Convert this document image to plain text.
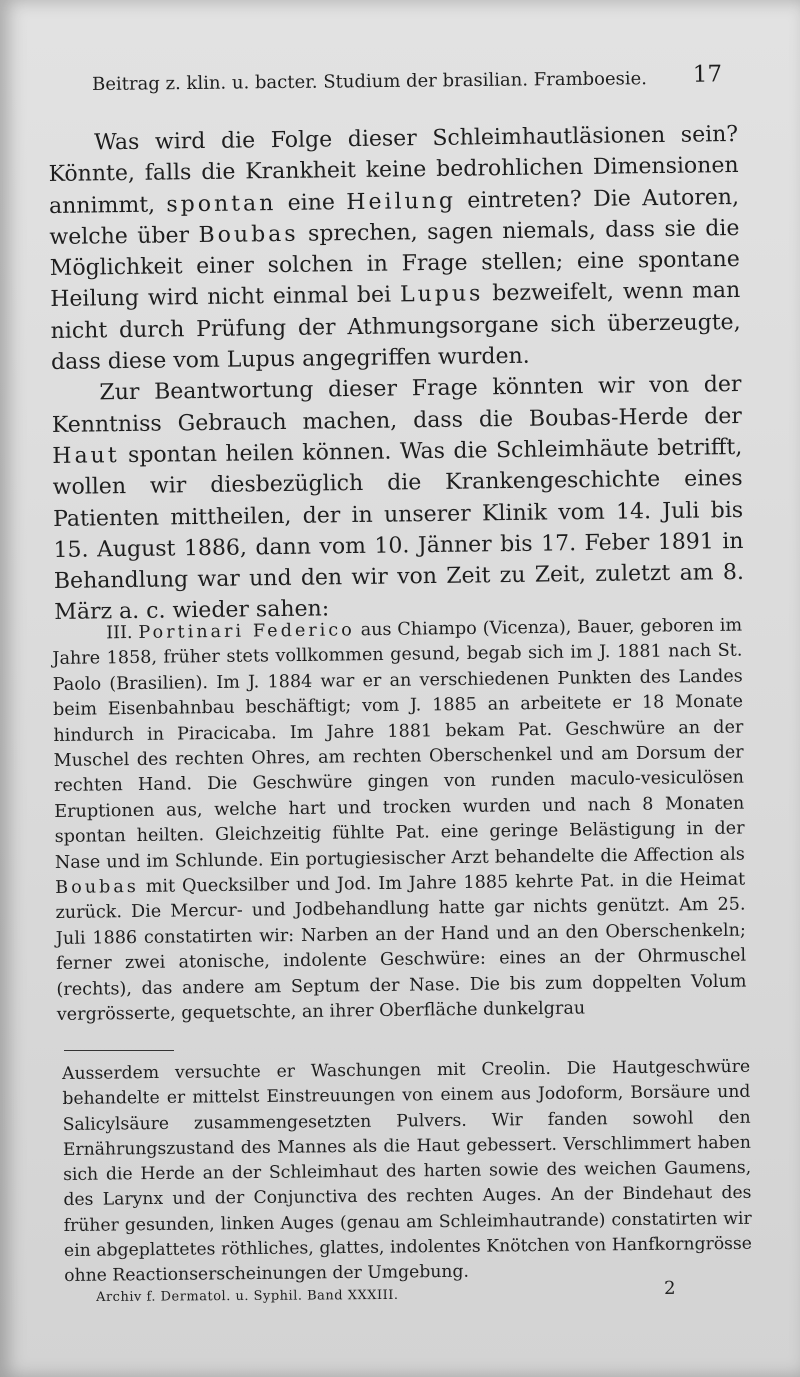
Beitrag z. klin. u. bacter. Studium der brasilian. Framboesie. 17

Was wird die Folge dieser Schleimhautläsionen sein? Könnte, falls die Krankheit keine bedrohlichen Dimensionen annimmt, spontan eine Heilung eintreten? Die Autoren, welche über Boubas sprechen, sagen niemals, dass sie die Möglichkeit einer solchen in Frage stellen; eine spontane Heilung wird nicht einmal bei Lupus bezweifelt, wenn man nicht durch Prüfung der Athmungsorgane sich überzeugte, dass diese vom Lupus angegriffen wurden.

Zur Beantwortung dieser Frage könnten wir von der Kenntniss Gebrauch machen, dass die Boubas-Herde der Haut spontan heilen können. Was die Schleimhäute betrifft, wollen wir diesbezüglich die Krankengeschichte eines Patienten mittheilen, der in unserer Klinik vom 14. Juli bis 15. August 1886, dann vom 10. Jänner bis 17. Feber 1891 in Behandlung war und den wir von Zeit zu Zeit, zuletzt am 8. März a. c. wieder sahen:

III. Portinari Federico aus Chiampo (Vicenza), Bauer, geboren im Jahre 1858, früher stets vollkommen gesund, begab sich im J. 1881 nach St. Paolo (Brasilien). Im J. 1884 war er an verschiedenen Punkten des Landes beim Eisenbahnbau beschäftigt; vom J. 1885 an arbeitete er 18 Monate hindurch in Piracicaba. Im Jahre 1881 bekam Pat. Geschwüre an der Muschel des rechten Ohres, am rechten Oberschenkel und am Dorsum der rechten Hand. Die Geschwüre gingen von runden maculo-vesiculösen Eruptionen aus, welche hart und trocken wurden und nach 8 Monaten spontan heilten. Gleichzeitig fühlte Pat. eine geringe Belästigung in der Nase und im Schlunde. Ein portugiesischer Arzt behandelte die Affection als Boubas mit Quecksilber und Jod. Im Jahre 1885 kehrte Pat. in die Heimat zurück. Die Mercur- und Jodbehandlung hatte gar nichts genützt. Am 25. Juli 1886 constatirten wir: Narben an der Hand und an den Oberschenkeln; ferner zwei atonische, indolente Geschwüre: eines an der Ohrmuschel (rechts), das andere am Septum der Nase. Die bis zum doppelten Volum vergrösserte, gequetschte, an ihrer Oberfläche dunkelgrau

Ausserdem versuchte er Waschungen mit Creolin. Die Hautgeschwüre behandelte er mittelst Einstreuungen von einem aus Jodoform, Borsäure und Salicylsäure zusammengesetzten Pulvers. Wir fanden sowohl den Ernährungszustand des Mannes als die Haut gebessert. Verschlimmert haben sich die Herde an der Schleimhaut des harten sowie des weichen Gaumens, des Larynx und der Conjunctiva des rechten Auges. An der Bindehaut des früher gesunden, linken Auges (genau am Schleimhautrande) constatirten wir ein abgeplattetes röthliches, glattes, indolentes Knötchen von Hanfkorngrösse ohne Reactionserscheinungen der Umgebung.

Archiv f. Dermatol. u. Syphil. Band XXXIII.	2
